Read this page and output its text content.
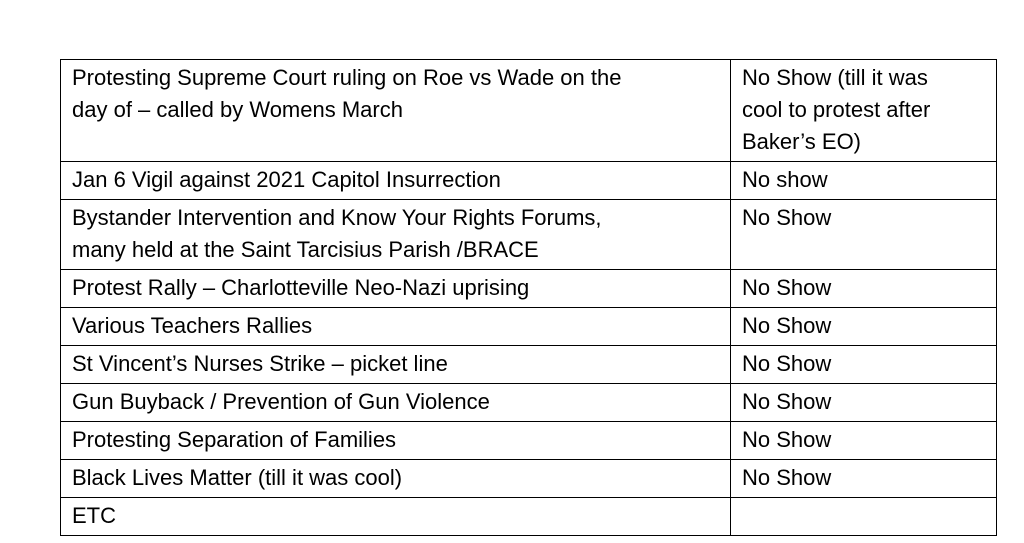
Protesting Supreme Court ruling on Roe vs Wade on the
day of – called by Womens March	No Show (till it was
cool to protest after
Baker’s EO)
Jan 6 Vigil against 2021 Capitol Insurrection	No show
Bystander Intervention and Know Your Rights Forums,
many held at the Saint Tarcisius Parish /BRACE	No Show
Protest Rally – Charlotteville Neo-Nazi uprising	No Show
Various Teachers Rallies	No Show
St Vincent’s Nurses Strike – picket line	No Show
Gun Buyback / Prevention of Gun Violence	No Show
Protesting Separation of Families	No Show
Black Lives Matter (till it was cool)	No Show
ETC	
